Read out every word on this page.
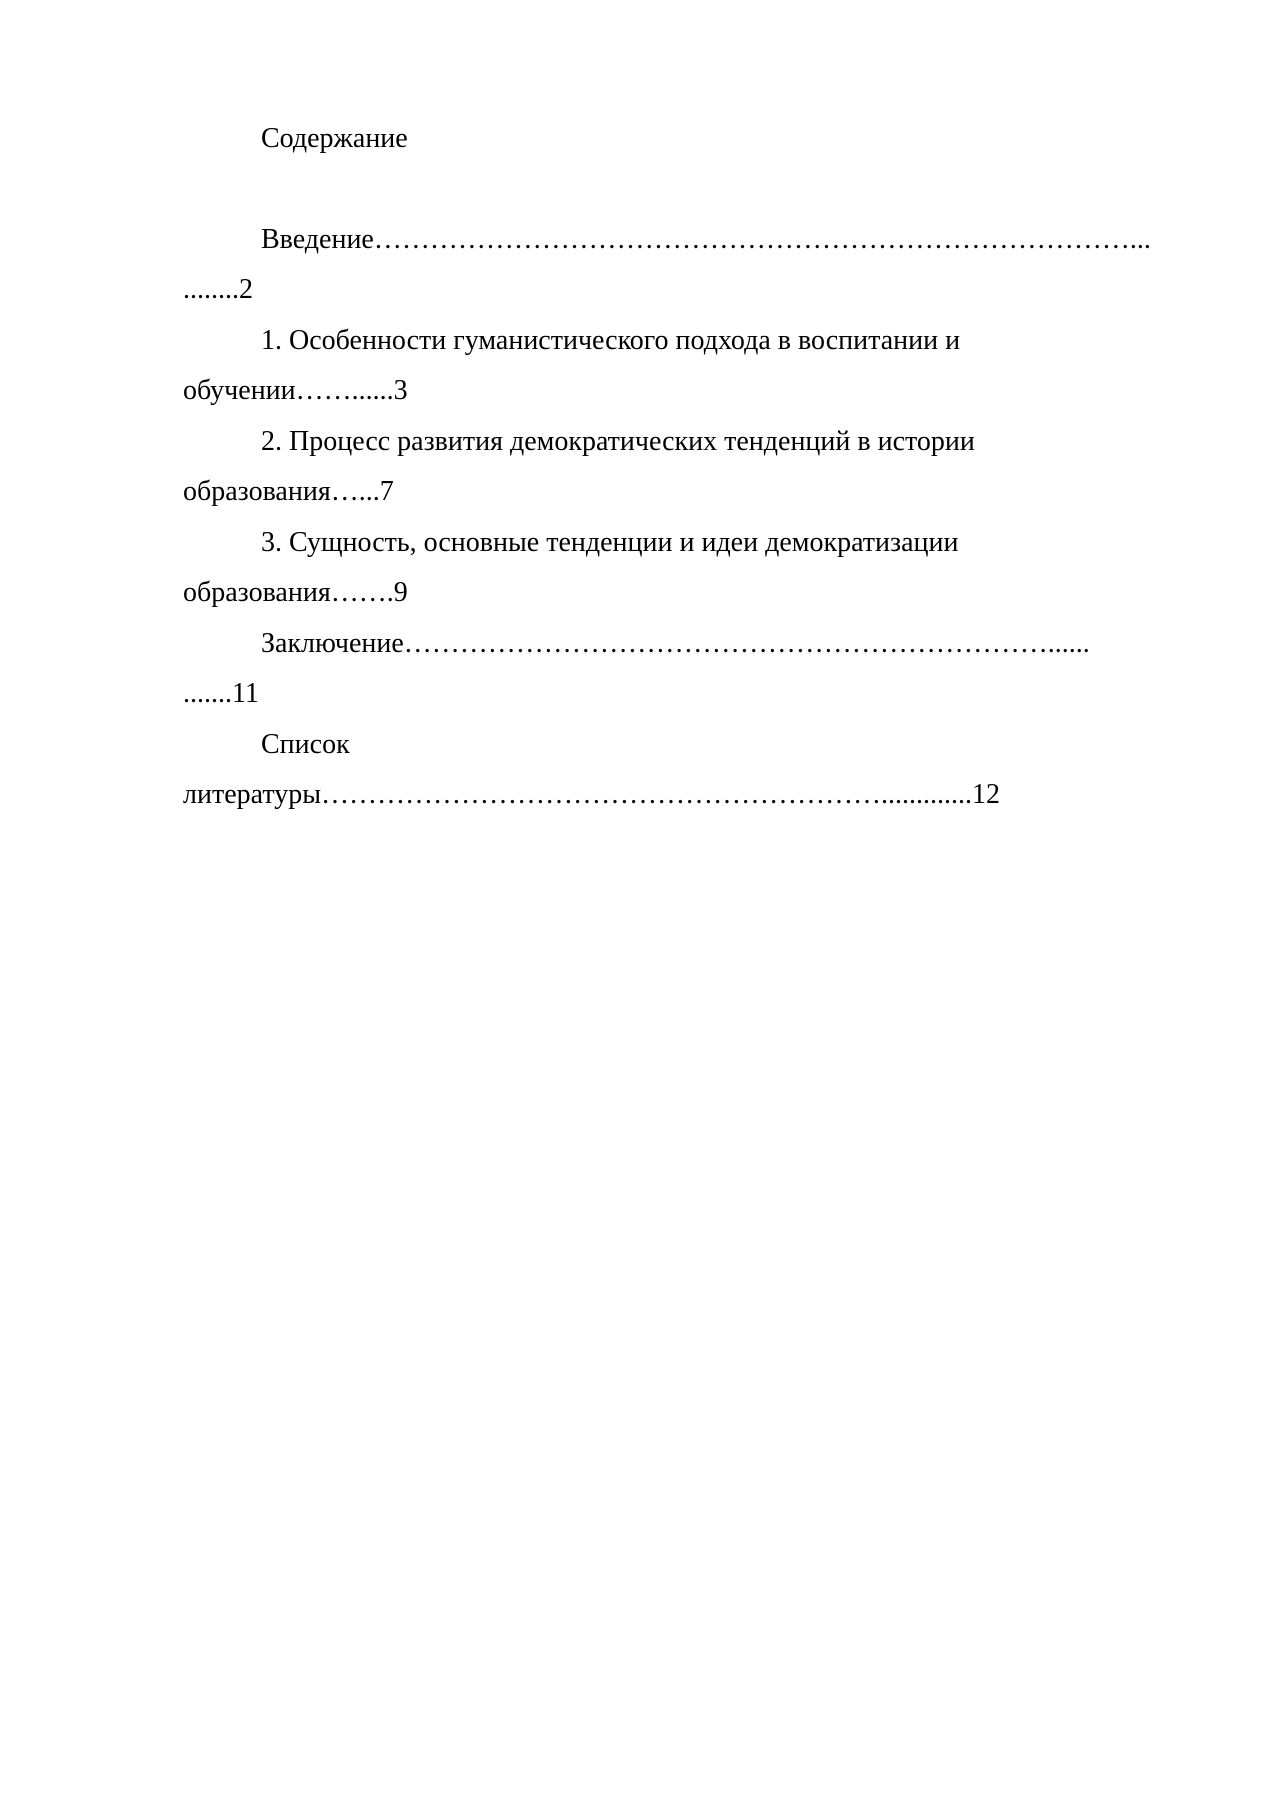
Содержание

Введение………………………………………………………………………...
........2

1. Особенности гуманистического подхода в воспитании и
обучении……......3

2. Процесс развития демократических тенденций в истории
образования…...7

3. Сущность, основные тенденции и идеи демократизации
образования…….9

Заключение……………………………………………………………......
.......11

Список
литературы…………………………………………………….............12
